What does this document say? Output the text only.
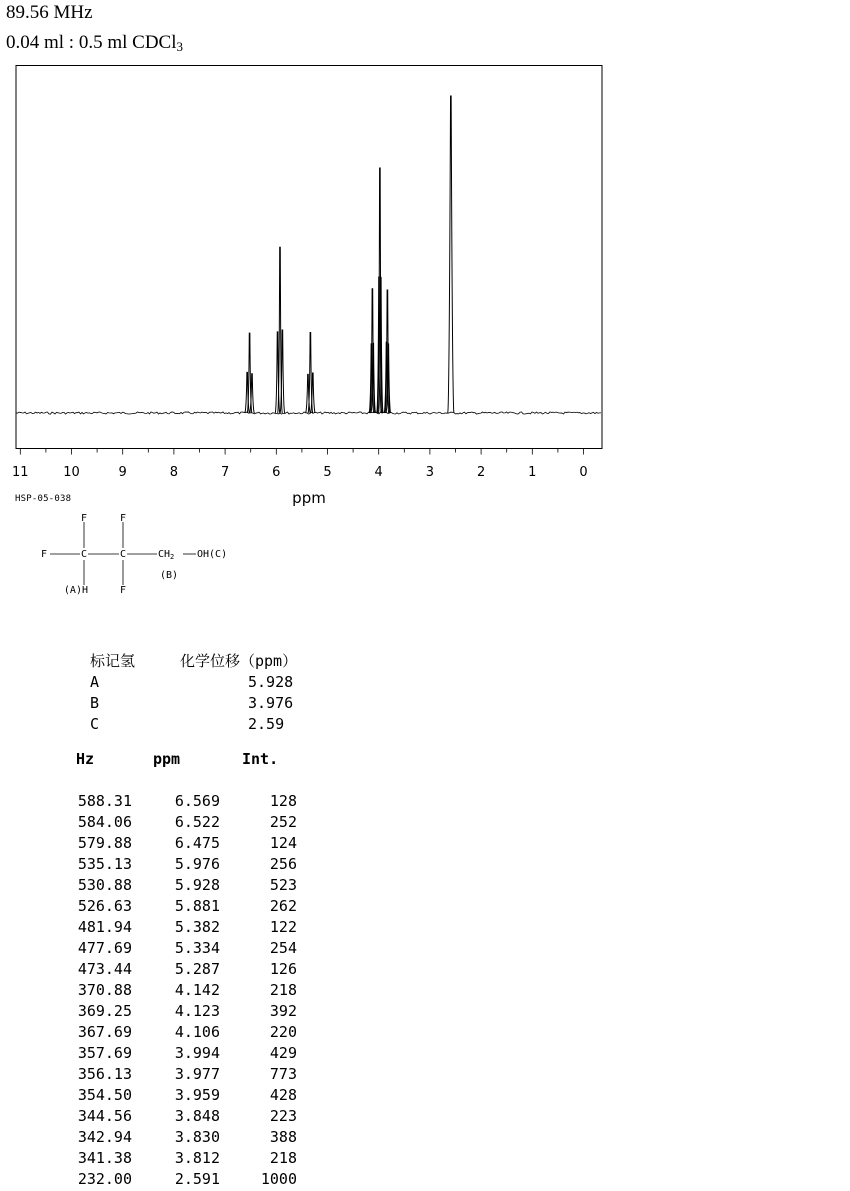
89.56 MHz
0.04 ml : 0.5 ml CDCl$_3$
11	10	9	8	7	6	5	4	3	2	1	0
ppm
HSP-05-038
F	F
F	C	C	$CH_2$ OH(C)
(B)
(A)H	F
标记氢	化学位移（ppm）
A	5.928
B	3.976
C	2.59
Hz	ppm	Int.
588.31	6.569	128
584.06	6.522	252
579.88	6.475	124
535.13	5.976	256
530.88	5.928	523
526.63	5.881	262
481.94	5.382	122
477.69	5.334	254
473.44	5.287	126
370.88	4.142	218
369.25	4.123	392
367.69	4.106	220
357.69	3.994	429
356.13	3.977	773
354.50	3.959	428
344.56	3.848	223
342.94	3.830	388
341.38	3.812	218
232.00	2.591	1000
